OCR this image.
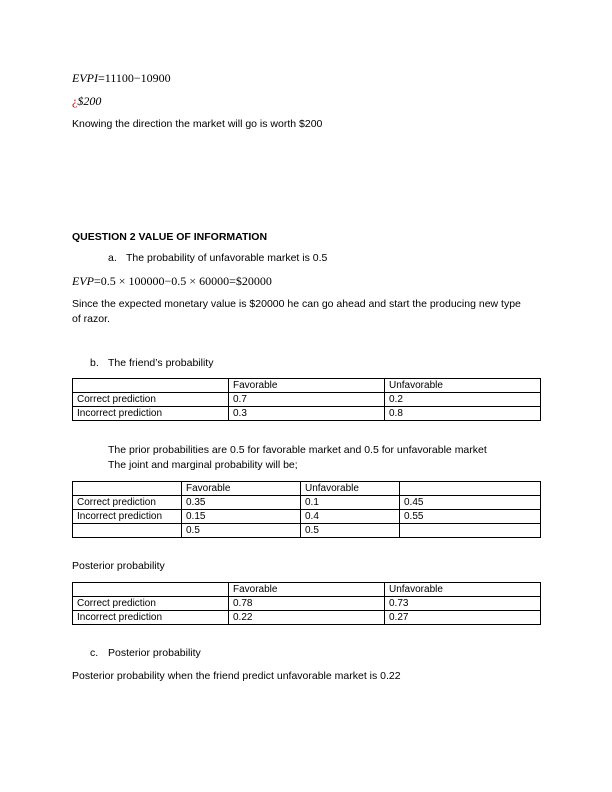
EVPI=11100−10900
¿$200
Knowing the direction the market will go is worth $200
QUESTION 2 VALUE OF INFORMATION
a. The probability of unfavorable market is 0.5
EVP=0.5 × 100000−0.5 × 60000=$20000
Since the expected monetary value is $20000 he can go ahead and start the producing new type of razor.
b. The friend’s probability
	Favorable	Unfavorable
Correct prediction	0.7	0.2
Incorrect prediction	0.3	0.8
The prior probabilities are 0.5 for favorable market and 0.5 for unfavorable market
The joint and marginal probability will be;
	Favorable	Unfavorable	
Correct prediction	0.35	0.1	0.45
Incorrect prediction	0.15	0.4	0.55
	0.5	0.5	
Posterior probability
	Favorable	Unfavorable
Correct prediction	0.78	0.73
Incorrect prediction	0.22	0.27
c. Posterior probability
Posterior probability when the friend predict unfavorable market is 0.22
